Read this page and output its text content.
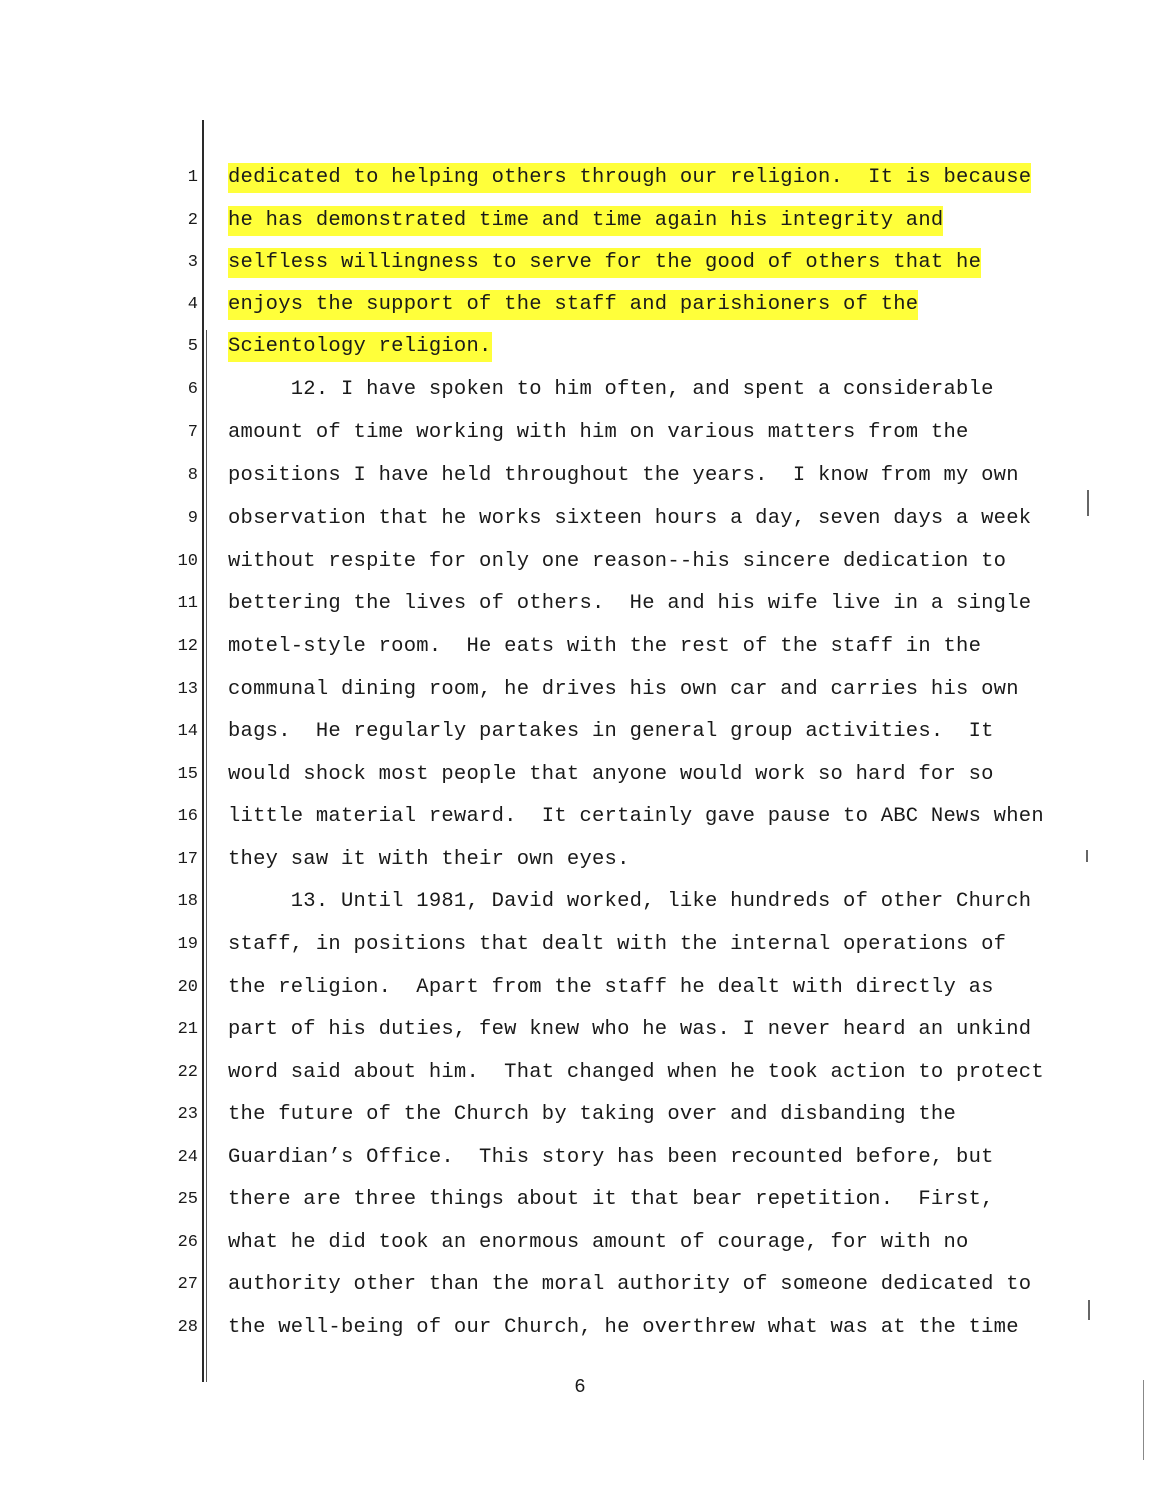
1 dedicated to helping others through our religion.  It is because
2 he has demonstrated time and time again his integrity and
3 selfless willingness to serve for the good of others that he
4 enjoys the support of the staff and parishioners of the
5 Scientology religion.
6 12. I have spoken to him often, and spent a considerable
7 amount of time working with him on various matters from the
8 positions I have held throughout the years.  I know from my own
9 observation that he works sixteen hours a day, seven days a week
10 without respite for only one reason--his sincere dedication to
11 bettering the lives of others.  He and his wife live in a single
12 motel-style room.  He eats with the rest of the staff in the
13 communal dining room, he drives his own car and carries his own
14 bags.  He regularly partakes in general group activities.  It
15 would shock most people that anyone would work so hard for so
16 little material reward.  It certainly gave pause to ABC News when
17 they saw it with their own eyes.
18 13. Until 1981, David worked, like hundreds of other Church
19 staff, in positions that dealt with the internal operations of
20 the religion.  Apart from the staff he dealt with directly as
21 part of his duties, few knew who he was. I never heard an unkind
22 word said about him.  That changed when he took action to protect
23 the future of the Church by taking over and disbanding the
24 Guardian’s Office.  This story has been recounted before, but
25 there are three things about it that bear repetition.  First,
26 what he did took an enormous amount of courage, for with no
27 authority other than the moral authority of someone dedicated to
28 the well-being of our Church, he overthrew what was at the time
6
